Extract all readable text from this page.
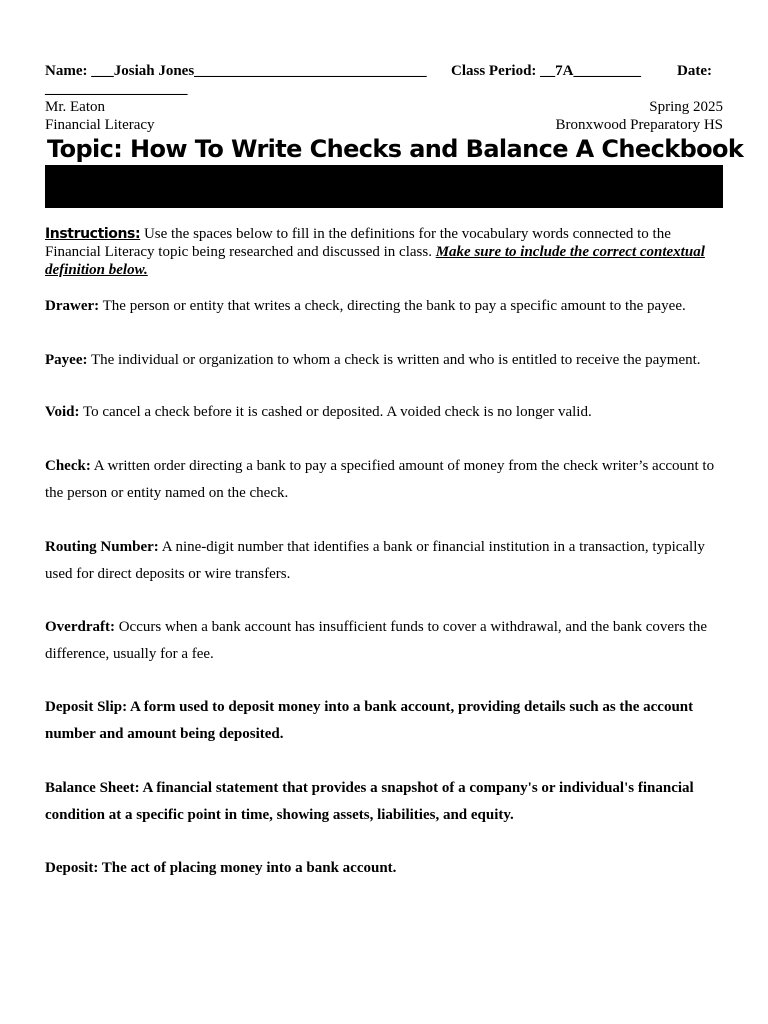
Name: ___Josiah Jones_______________________________ Class Period: __7A_________ Date:
___________________
Mr. Eaton	Spring 2025
Financial Literacy	Bronxwood Preparatory HS
Topic: How To Write Checks and Balance A Checkbook
Instructions: Use the spaces below to fill in the definitions for the vocabulary words connected to the Financial Literacy topic being researched and discussed in class. Make sure to include the correct contextual definition below.
Drawer: The person or entity that writes a check, directing the bank to pay a specific amount to the payee.
Payee: The individual or organization to whom a check is written and who is entitled to receive the payment.
Void: To cancel a check before it is cashed or deposited. A voided check is no longer valid.
Check: A written order directing a bank to pay a specified amount of money from the check writer’s account to the person or entity named on the check.
Routing Number: A nine-digit number that identifies a bank or financial institution in a transaction, typically used for direct deposits or wire transfers.
Overdraft: Occurs when a bank account has insufficient funds to cover a withdrawal, and the bank covers the difference, usually for a fee.
Deposit Slip: A form used to deposit money into a bank account, providing details such as the account number and amount being deposited.
Balance Sheet: A financial statement that provides a snapshot of a company's or individual's financial condition at a specific point in time, showing assets, liabilities, and equity.
Deposit: The act of placing money into a bank account.
